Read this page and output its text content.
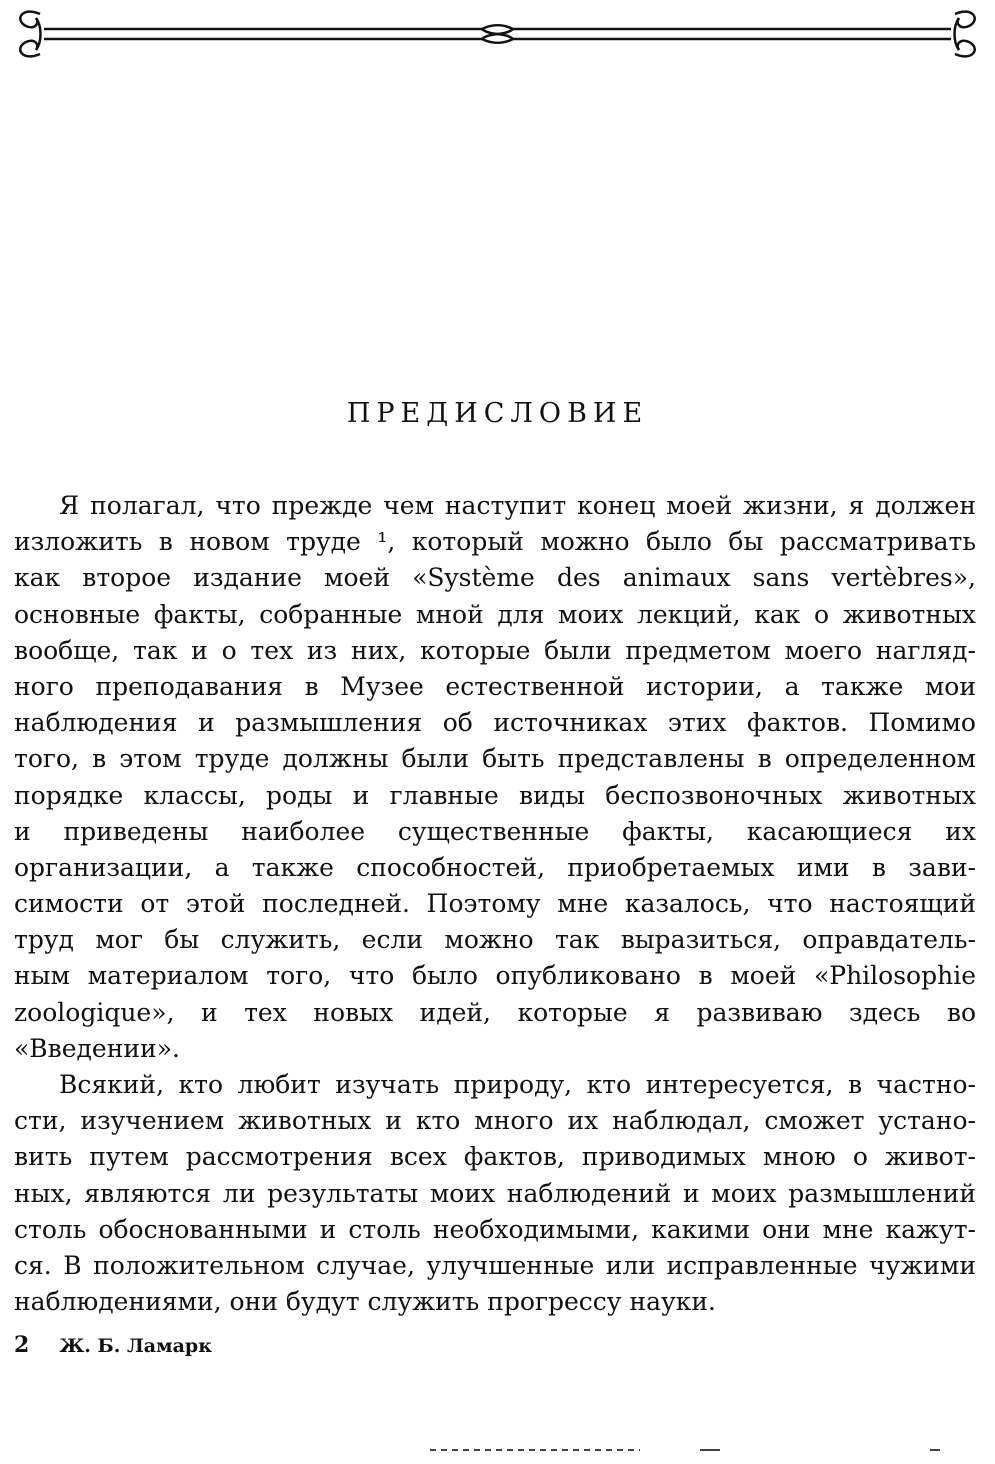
ПРЕДИСЛОВИЕ
Я полагал, что прежде чем наступит конец моей жизни, я должен
изложить в новом труде ¹, который можно было бы рассматривать
как второе издание моей «Système des animaux sans vertèbres»,
основные факты, собранные мной для моих лекций, как о животных
вообще, так и о тех из них, которые были предметом моего нагляд-
ного преподавания в Музее естественной истории, а также мои
наблюдения и размышления об источниках этих фактов. Помимо
того, в этом труде должны были быть представлены в определенном
порядке классы, роды и главные виды беспозвоночных животных
и приведены наиболее существенные факты, касающиеся их
организации, а также способностей, приобретаемых ими в зави-
симости от этой последней. Поэтому мне казалось, что настоящий
труд мог бы служить, если можно так выразиться, оправдатель-
ным материалом того, что было опубликовано в моей «Philosophie
zoologique», и тех новых идей, которые я развиваю здесь во
«Введении».
Всякий, кто любит изучать природу, кто интересуется, в частно-
сти, изучением животных и кто много их наблюдал, сможет устано-
вить путем рассмотрения всех фактов, приводимых мною о живот-
ных, являются ли результаты моих наблюдений и моих размышлений
столь обоснованными и столь необходимыми, какими они мне кажут-
ся. В положительном случае, улучшенные или исправленные чужими
наблюдениями, они будут служить прогрессу науки.
2 Ж. Б. Ламарк
